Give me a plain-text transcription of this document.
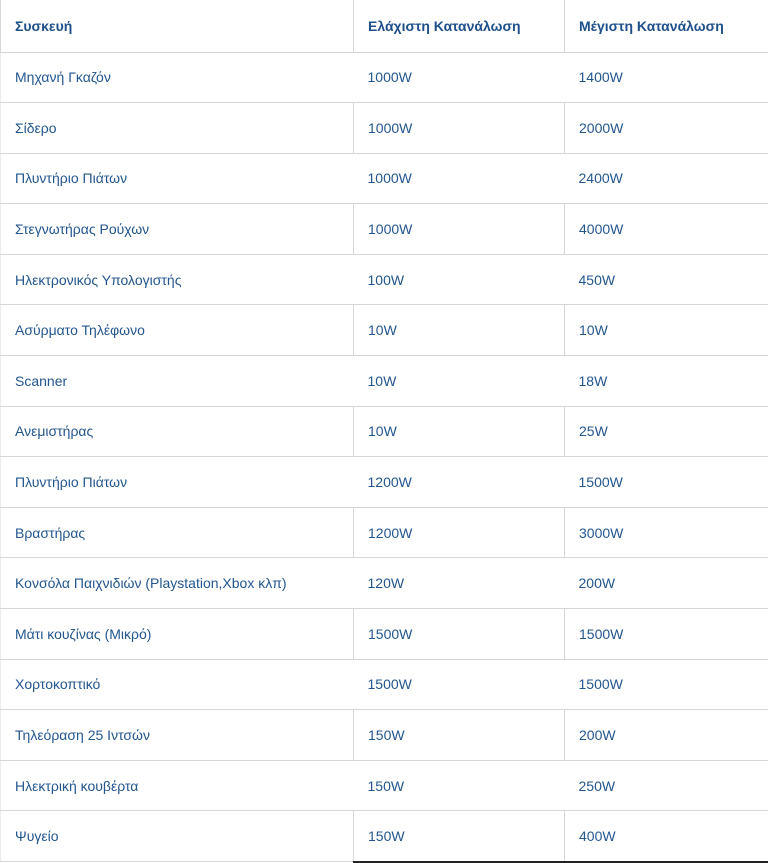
Συσκευή	Ελάχιστη Κατανάλωση	Μέγιστη Κατανάλωση
Μηχανή Γκαζόν	1000W	1400W
Σίδερο	1000W	2000W
Πλυντήριο Πιάτων	1000W	2400W
Στεγνωτήρας Ρούχων	1000W	4000W
Ηλεκτρονικός Υπολογιστής	100W	450W
Ασύρματο Τηλέφωνο	10W	10W
Scanner	10W	18W
Ανεμιστήρας	10W	25W
Πλυντήριο Πιάτων	1200W	1500W
Βραστήρας	1200W	3000W
Κονσόλα Παιχνιδιών (Playstation,Xbox κλπ)	120W	200W
Μάτι κουζίνας (Μικρό)	1500W	1500W
Χορτοκοπτικό	1500W	1500W
Τηλεόραση 25 Ιντσών	150W	200W
Ηλεκτρική κουβέρτα	150W	250W
Ψυγείο	150W	400W
